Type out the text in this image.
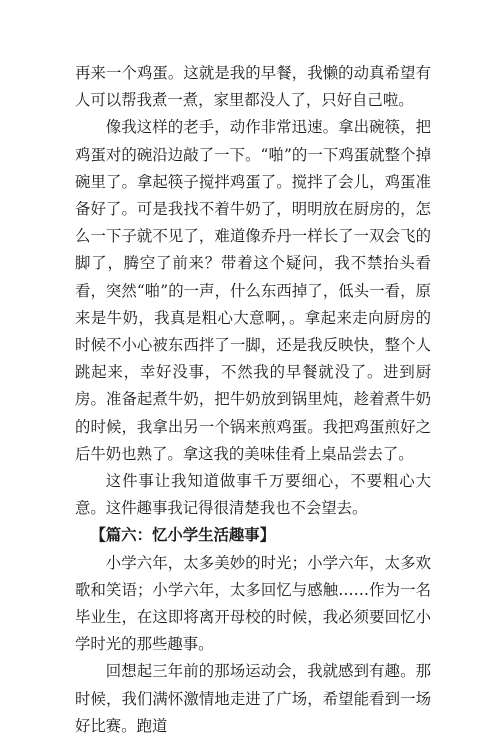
再来一个鸡蛋。这就是我的早餐，我懒的动真希望有人可以帮我煮一煮，家里都没人了，只好自己啦。

像我这样的老手，动作非常迅速。拿出碗筷，把鸡蛋对的碗沿边敲了一下。“啪”的一下鸡蛋就整个掉碗里了。拿起筷子搅拌鸡蛋了。搅拌了会儿，鸡蛋准备好了。可是我找不着牛奶了，明明放在厨房的，怎么一下子就不见了，难道像乔丹一样长了一双会飞的脚了，腾空了前来？带着这个疑问，我不禁抬头看看，突然“啪”的一声，什么东西掉了，低头一看，原来是牛奶，我真是粗心大意啊，。拿起来走向厨房的时候不小心被东西拌了一脚，还是我反映快，整个人跳起来，幸好没事，不然我的早餐就没了。进到厨房。准备起煮牛奶，把牛奶放到锅里炖，趁着煮牛奶的时候，我拿出另一个锅来煎鸡蛋。我把鸡蛋煎好之后牛奶也熟了。拿这我的美味佳肴上桌品尝去了。

这件事让我知道做事千万要细心，不要粗心大意。这件趣事我记得很清楚我也不会望去。

【篇六：忆小学生活趣事】

小学六年，太多美妙的时光；小学六年，太多欢歌和笑语；小学六年，太多回忆与感触……作为一名毕业生，在这即将离开母校的时候，我必须要回忆小学时光的那些趣事。

回想起三年前的那场运动会，我就感到有趣。那时候，我们满怀激情地走进了广场，希望能看到一场好比赛。跑道
